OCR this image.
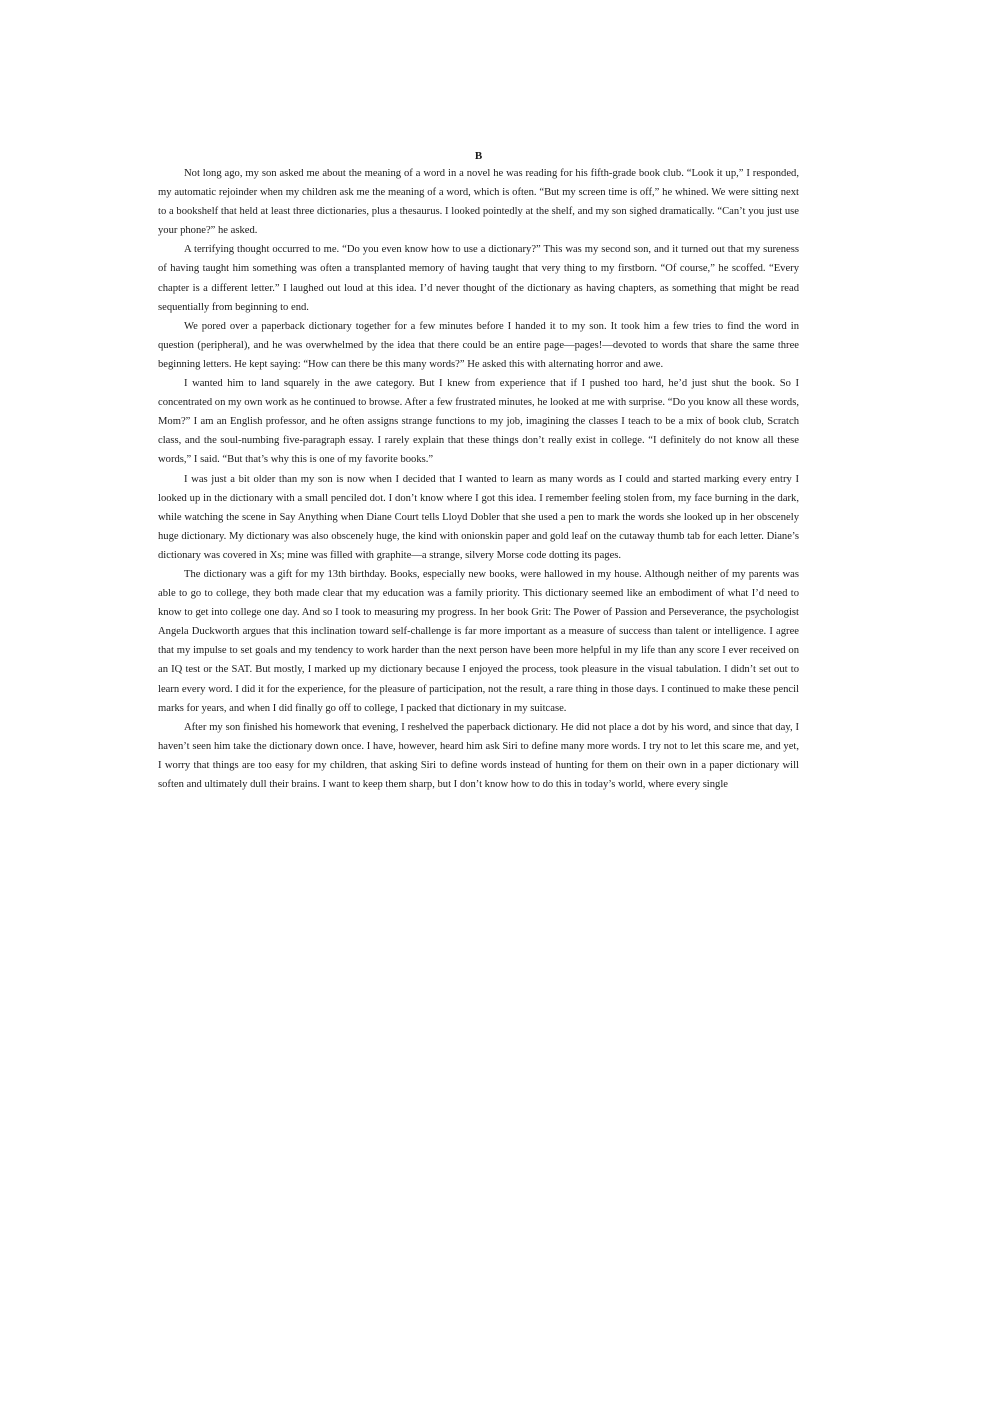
B

Not long ago, my son asked me about the meaning of a word in a novel he was reading for his fifth-grade book club. “Look it up,” I responded, my automatic rejoinder when my children ask me the meaning of a word, which is often. “But my screen time is off,” he whined. We were sitting next to a bookshelf that held at least three dictionaries, plus a thesaurus. I looked pointedly at the shelf, and my son sighed dramatically. “Can’t you just use your phone?” he asked.

A terrifying thought occurred to me. “Do you even know how to use a dictionary?” This was my second son, and it turned out that my sureness of having taught him something was often a transplanted memory of having taught that very thing to my firstborn. “Of course,” he scoffed. “Every chapter is a different letter.” I laughed out loud at this idea. I’d never thought of the dictionary as having chapters, as something that might be read sequentially from beginning to end.

We pored over a paperback dictionary together for a few minutes before I handed it to my son. It took him a few tries to find the word in question (peripheral), and he was overwhelmed by the idea that there could be an entire page—pages!—devoted to words that share the same three beginning letters. He kept saying: “How can there be this many words?” He asked this with alternating horror and awe.

I wanted him to land squarely in the awe category. But I knew from experience that if I pushed too hard, he’d just shut the book. So I concentrated on my own work as he continued to browse. After a few frustrated minutes, he looked at me with surprise. “Do you know all these words, Mom?” I am an English professor, and he often assigns strange functions to my job, imagining the classes I teach to be a mix of book club, Scratch class, and the soul-numbing five-paragraph essay. I rarely explain that these things don’t really exist in college. “I definitely do not know all these words,” I said. “But that’s why this is one of my favorite books.”

I was just a bit older than my son is now when I decided that I wanted to learn as many words as I could and started marking every entry I looked up in the dictionary with a small penciled dot. I don’t know where I got this idea. I remember feeling stolen from, my face burning in the dark, while watching the scene in Say Anything when Diane Court tells Lloyd Dobler that she used a pen to mark the words she looked up in her obscenely huge dictionary. My dictionary was also obscenely huge, the kind with onionskin paper and gold leaf on the cutaway thumb tab for each letter. Diane’s dictionary was covered in Xs; mine was filled with graphite—a strange, silvery Morse code dotting its pages.

The dictionary was a gift for my 13th birthday. Books, especially new books, were hallowed in my house. Although neither of my parents was able to go to college, they both made clear that my education was a family priority. This dictionary seemed like an embodiment of what I’d need to know to get into college one day. And so I took to measuring my progress. In her book Grit: The Power of Passion and Perseverance, the psychologist Angela Duckworth argues that this inclination toward self-challenge is far more important as a measure of success than talent or intelligence. I agree that my impulse to set goals and my tendency to work harder than the next person have been more helpful in my life than any score I ever received on an IQ test or the SAT. But mostly, I marked up my dictionary because I enjoyed the process, took pleasure in the visual tabulation. I didn’t set out to learn every word. I did it for the experience, for the pleasure of participation, not the result, a rare thing in those days. I continued to make these pencil marks for years, and when I did finally go off to college, I packed that dictionary in my suitcase.

After my son finished his homework that evening, I reshelved the paperback dictionary. He did not place a dot by his word, and since that day, I haven’t seen him take the dictionary down once. I have, however, heard him ask Siri to define many more words. I try not to let this scare me, and yet, I worry that things are too easy for my children, that asking Siri to define words instead of hunting for them on their own in a paper dictionary will soften and ultimately dull their brains. I want to keep them sharp, but I don’t know how to do this in today’s world, where every single
